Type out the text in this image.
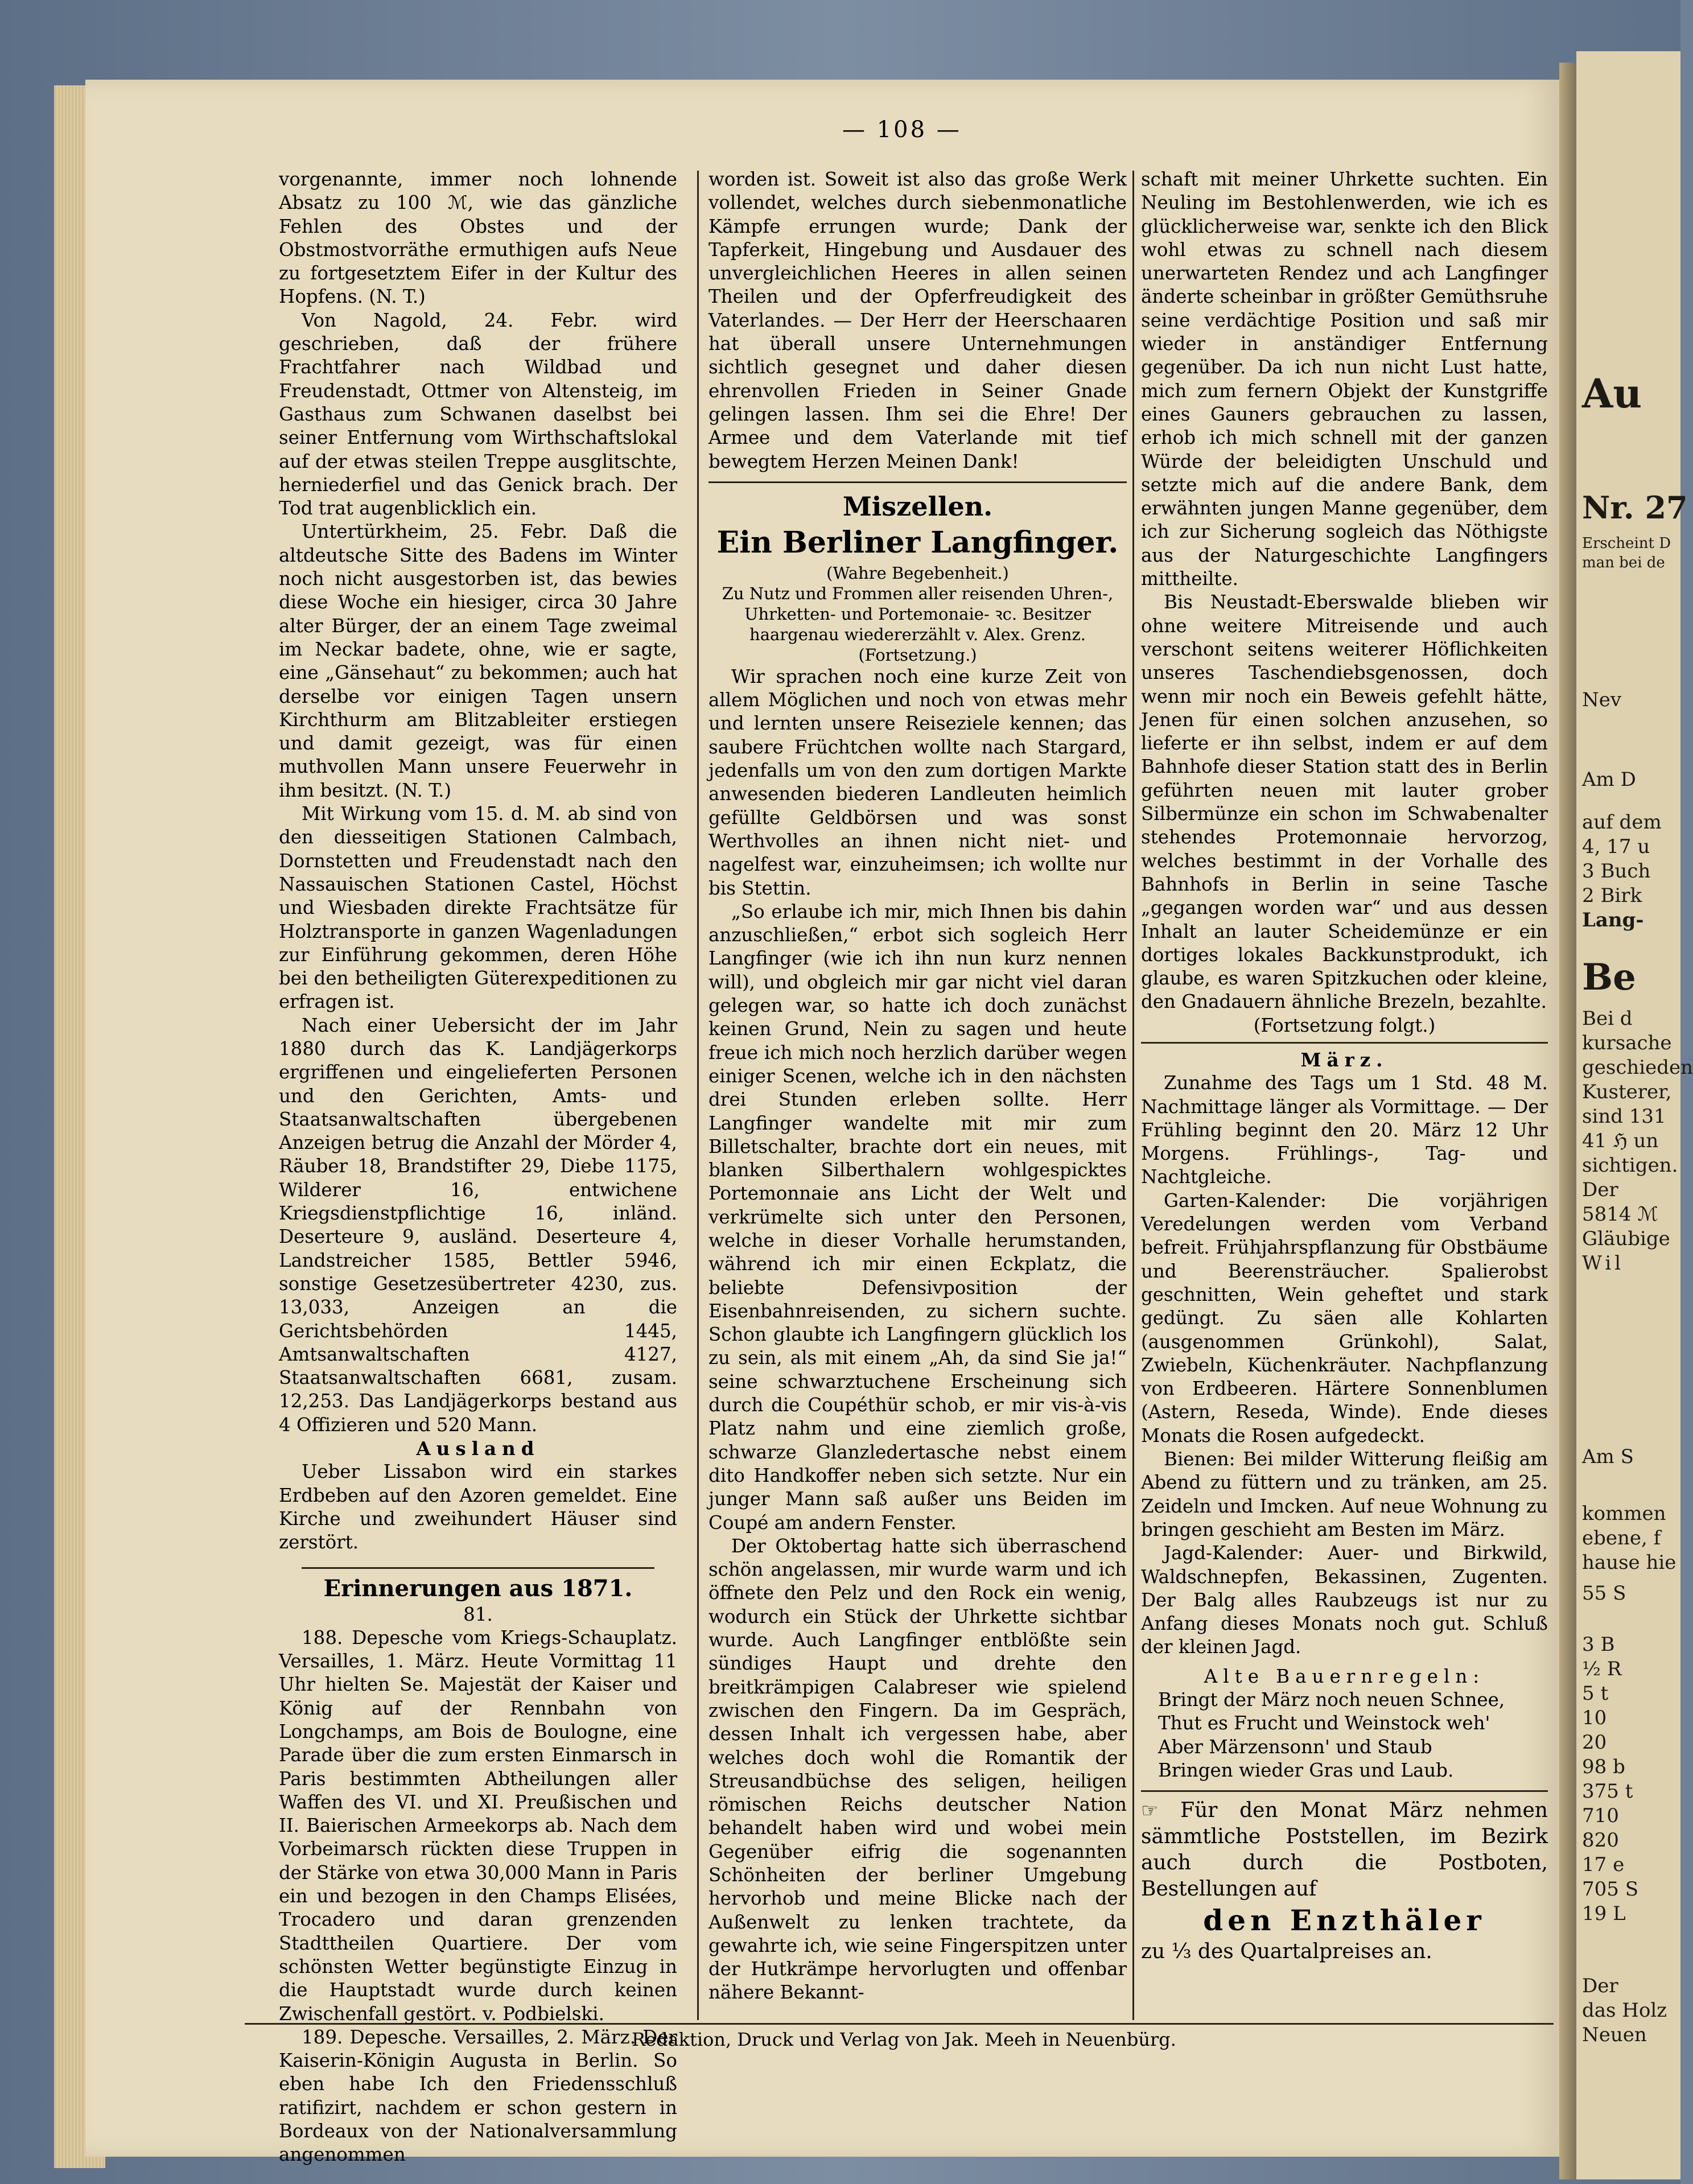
Au
Nr. 27
Erscheint D
man bei de
Nev
Am D
auf dem
4, 17 u
3 Buch
2 Birk
Lang-
Be
Bei d
kursache
geschieden
Kusterer,
sind 131
41 ℌ un
sichtigen.
Der
5814 ℳ
Gläubige
Wil
Am S
kommen
ebene, f
hause hie
55 S
3 B
½ R
5 t
10
20
98 b
375 t
710
820
17 e
705 S
19 L
Der
das Holz
Neuen
— 108 —

vorgenannte, immer noch lohnende Absatz zu 100 ℳ, wie das gänzliche Fehlen des Obstes und der Obstmostvorräthe ermuthigen aufs Neue zu fortgesetztem Eifer in der Kultur des Hopfens. (N. T.)

Von Nagold, 24. Febr. wird geschrieben, daß der frühere Frachtfahrer nach Wildbad und Freudenstadt, Ottmer von Altensteig, im Gasthaus zum Schwanen daselbst bei seiner Entfernung vom Wirthschaftslokal auf der etwas steilen Treppe ausglitschte, herniederfiel und das Genick brach. Der Tod trat augenblicklich ein.

Untertürkheim, 25. Febr. Daß die altdeutsche Sitte des Badens im Winter noch nicht ausgestorben ist, das bewies diese Woche ein hiesiger, circa 30 Jahre alter Bürger, der an einem Tage zweimal im Neckar badete, ohne, wie er sagte, eine „Gänsehaut“ zu bekommen; auch hat derselbe vor einigen Tagen unsern Kirchthurm am Blitzableiter erstiegen und damit gezeigt, was für einen muthvollen Mann unsere Feuerwehr in ihm besitzt. (N. T.)

Mit Wirkung vom 15. d. M. ab sind von den diesseitigen Stationen Calmbach, Dornstetten und Freudenstadt nach den Nassauischen Stationen Castel, Höchst und Wiesbaden direkte Frachtsätze für Holztransporte in ganzen Wagenladungen zur Einführung gekommen, deren Höhe bei den betheiligten Güterexpeditionen zu erfragen ist.

Nach einer Uebersicht der im Jahr 1880 durch das K. Landjägerkorps ergriffenen und eingelieferten Personen und den Gerichten, Amts- und Staatsanwaltschaften übergebenen Anzeigen betrug die Anzahl der Mörder 4, Räuber 18, Brandstifter 29, Diebe 1175, Wilderer 16, entwichene Kriegsdienstpflichtige 16, inländ. Deserteure 9, ausländ. Deserteure 4, Landstreicher 1585, Bettler 5946, sonstige Gesetzesübertreter 4230, zus. 13,033, Anzeigen an die Gerichtsbehörden 1445, Amtsanwaltschaften 4127, Staatsanwaltschaften 6681, zusam. 12,253. Das Landjägerkorps bestand aus 4 Offizieren und 520 Mann.

Ausland

Ueber Lissabon wird ein starkes Erdbeben auf den Azoren gemeldet. Eine Kirche und zweihundert Häuser sind zerstört.

Erinnerungen aus 1871.

81.

188. Depesche vom Kriegs-Schauplatz. Versailles, 1. März. Heute Vormittag 11 Uhr hielten Se. Majestät der Kaiser und König auf der Rennbahn von Longchamps, am Bois de Boulogne, eine Parade über die zum ersten Einmarsch in Paris bestimmten Abtheilungen aller Waffen des VI. und XI. Preußischen und II. Baierischen Armeekorps ab. Nach dem Vorbeimarsch rückten diese Truppen in der Stärke von etwa 30,000 Mann in Paris ein und bezogen in den Champs Elisées, Trocadero und daran grenzenden Stadttheilen Quartiere. Der vom schönsten Wetter begünstigte Einzug in die Hauptstadt wurde durch keinen Zwischenfall gestört. v. Podbielski.

189. Depesche. Versailles, 2. März. Der Kaiserin-Königin Augusta in Berlin. So eben habe Ich den Friedensschluß ratifizirt, nachdem er schon gestern in Bordeaux von der Nationalversammlung angenommen

worden ist. Soweit ist also das große Werk vollendet, welches durch siebenmonatliche Kämpfe errungen wurde; Dank der Tapferkeit, Hingebung und Ausdauer des unvergleichlichen Heeres in allen seinen Theilen und der Opferfreudigkeit des Vaterlandes. — Der Herr der Heerschaaren hat überall unsere Unternehmungen sichtlich gesegnet und daher diesen ehrenvollen Frieden in Seiner Gnade gelingen lassen. Ihm sei die Ehre! Der Armee und dem Vaterlande mit tief bewegtem Herzen Meinen Dank!

Miszellen.

Ein Berliner Langfinger.

(Wahre Begebenheit.)

Zu Nutz und Frommen aller reisenden Uhren-, Uhrketten- und Portemonaie- ꝛc. Besitzer haargenau wiedererzählt v. Alex. Grenz.

(Fortsetzung.)

Wir sprachen noch eine kurze Zeit von allem Möglichen und noch von etwas mehr und lernten unsere Reiseziele kennen; das saubere Früchtchen wollte nach Stargard, jedenfalls um von den zum dortigen Markte anwesenden biederen Landleuten heimlich gefüllte Geldbörsen und was sonst Werthvolles an ihnen nicht niet- und nagelfest war, einzuheimsen; ich wollte nur bis Stettin.

„So erlaube ich mir, mich Ihnen bis dahin anzuschließen,“ erbot sich sogleich Herr Langfinger (wie ich ihn nun kurz nennen will), und obgleich mir gar nicht viel daran gelegen war, so hatte ich doch zunächst keinen Grund, Nein zu sagen und heute freue ich mich noch herzlich darüber wegen einiger Scenen, welche ich in den nächsten drei Stunden erleben sollte. Herr Langfinger wandelte mit mir zum Billetschalter, brachte dort ein neues, mit blanken Silberthalern wohlgespicktes Portemonnaie ans Licht der Welt und verkrümelte sich unter den Personen, welche in dieser Vorhalle herumstanden, während ich mir einen Eckplatz, die beliebte Defensivposition der Eisenbahnreisenden, zu sichern suchte. Schon glaubte ich Langfingern glücklich los zu sein, als mit einem „Ah, da sind Sie ja!“ seine schwarztuchene Erscheinung sich durch die Coupéthür schob, er mir vis-à-vis Platz nahm und eine ziemlich große, schwarze Glanzledertasche nebst einem dito Handkoffer neben sich setzte. Nur ein junger Mann saß außer uns Beiden im Coupé am andern Fenster.

Der Oktobertag hatte sich überraschend schön angelassen, mir wurde warm und ich öffnete den Pelz und den Rock ein wenig, wodurch ein Stück der Uhrkette sichtbar wurde. Auch Langfinger entblößte sein sündiges Haupt und drehte den breitkrämpigen Calabreser wie spielend zwischen den Fingern. Da im Gespräch, dessen Inhalt ich vergessen habe, aber welches doch wohl die Romantik der Streusandbüchse des seligen, heiligen römischen Reichs deutscher Nation behandelt haben wird und wobei mein Gegenüber eifrig die sogenannten Schönheiten der berliner Umgebung hervorhob und meine Blicke nach der Außenwelt zu lenken trachtete, da gewahrte ich, wie seine Fingerspitzen unter der Hutkrämpe hervorlugten und offenbar nähere Bekannt-

schaft mit meiner Uhrkette suchten. Ein Neuling im Bestohlenwerden, wie ich es glücklicherweise war, senkte ich den Blick wohl etwas zu schnell nach diesem unerwarteten Rendez und ach Langfinger änderte scheinbar in größter Gemüthsruhe seine verdächtige Position und saß mir wieder in anständiger Entfernung gegenüber. Da ich nun nicht Lust hatte, mich zum fernern Objekt der Kunstgriffe eines Gauners gebrauchen zu lassen, erhob ich mich schnell mit der ganzen Würde der beleidigten Unschuld und setzte mich auf die andere Bank, dem erwähnten jungen Manne gegenüber, dem ich zur Sicherung sogleich das Nöthigste aus der Naturgeschichte Langfingers mittheilte.

Bis Neustadt-Eberswalde blieben wir ohne weitere Mitreisende und auch verschont seitens weiterer Höflichkeiten unseres Taschendiebsgenossen, doch wenn mir noch ein Beweis gefehlt hätte, Jenen für einen solchen anzusehen, so lieferte er ihn selbst, indem er auf dem Bahnhofe dieser Station statt des in Berlin geführten neuen mit lauter grober Silbermünze ein schon im Schwabenalter stehendes Protemonnaie hervorzog, welches bestimmt in der Vorhalle des Bahnhofs in Berlin in seine Tasche „gegangen worden war“ und aus dessen Inhalt an lauter Scheidemünze er ein dortiges lokales Backkunstprodukt, ich glaube, es waren Spitzkuchen oder kleine, den Gnadauern ähnliche Brezeln, bezahlte.

(Fortsetzung folgt.)

März.

Zunahme des Tags um 1 Std. 48 M. Nachmittage länger als Vormittage. — Der Frühling beginnt den 20. März 12 Uhr Morgens. Frühlings-, Tag- und Nachtgleiche.

Garten-Kalender: Die vorjährigen Veredelungen werden vom Verband befreit. Frühjahrspflanzung für Obstbäume und Beerensträucher. Spalierobst geschnitten, Wein geheftet und stark gedüngt. Zu säen alle Kohlarten (ausgenommen Grünkohl), Salat, Zwiebeln, Küchenkräuter. Nachpflanzung von Erdbeeren. Härtere Sonnenblumen (Astern, Reseda, Winde). Ende dieses Monats die Rosen aufgedeckt.

Bienen: Bei milder Witterung fleißig am Abend zu füttern und zu tränken, am 25. Zeideln und Imcken. Auf neue Wohnung zu bringen geschieht am Besten im März.

Jagd-Kalender: Auer- und Birkwild, Waldschnepfen, Bekassinen, Zugenten. Der Balg alles Raubzeugs ist nur zu Anfang dieses Monats noch gut. Schluß der kleinen Jagd.

Alte Bauernregeln:

Bringt der März noch neuen Schnee,

Thut es Frucht und Weinstock weh'

Aber Märzensonn' und Staub

Bringen wieder Gras und Laub.

☞ Für den Monat März nehmen sämmtliche Poststellen, im Bezirk auch durch die Postboten, Bestellungen auf

den Enzthäler

zu ⅓ des Quartalpreises an.

Redaktion, Druck und Verlag von Jak. Meeh in Neuenbürg.
